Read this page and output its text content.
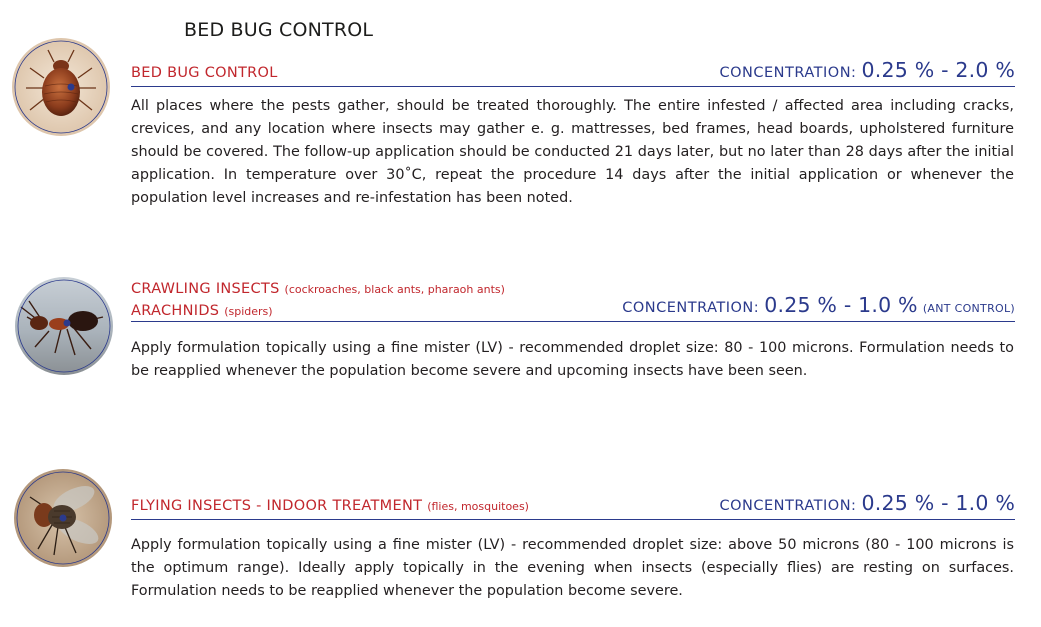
BED BUG CONTROL
BED BUG CONTROL	CONCENTRATION: 0.25 % - 2.0 %
All places where the pests gather, should be treated thoroughly. The entire infested / affected area including cracks, crevices, and any location where insects may gather e. g. mattresses, bed frames, head boards, upholstered furniture should be covered. The follow-up application should be conducted 21 days later, but no later than 28 days after the initial application. In temperature over 30˚C, repeat the procedure 14 days after the initial application or whenever the population level increases and re-infestation has been noted.
CRAWLING INSECTS (cockroaches, black ants, pharaoh ants)
ARACHNIDS (spiders)	CONCENTRATION: 0.25 % - 1.0 % (ANT CONTROL)
Apply formulation topically using a fine mister (LV) - recommended droplet size: 80 - 100 microns. Formulation needs to be reapplied whenever the population become severe and upcoming insects have been seen.
FLYING INSECTS - INDOOR TREATMENT (flies, mosquitoes)	CONCENTRATION: 0.25 % - 1.0 %
Apply formulation topically using a fine mister (LV) - recommended droplet size: above 50 microns (80 - 100 microns is the optimum range). Ideally apply topically in the evening when insects (especially flies) are resting on surfaces. Formulation needs to be reapplied whenever the population become severe.
